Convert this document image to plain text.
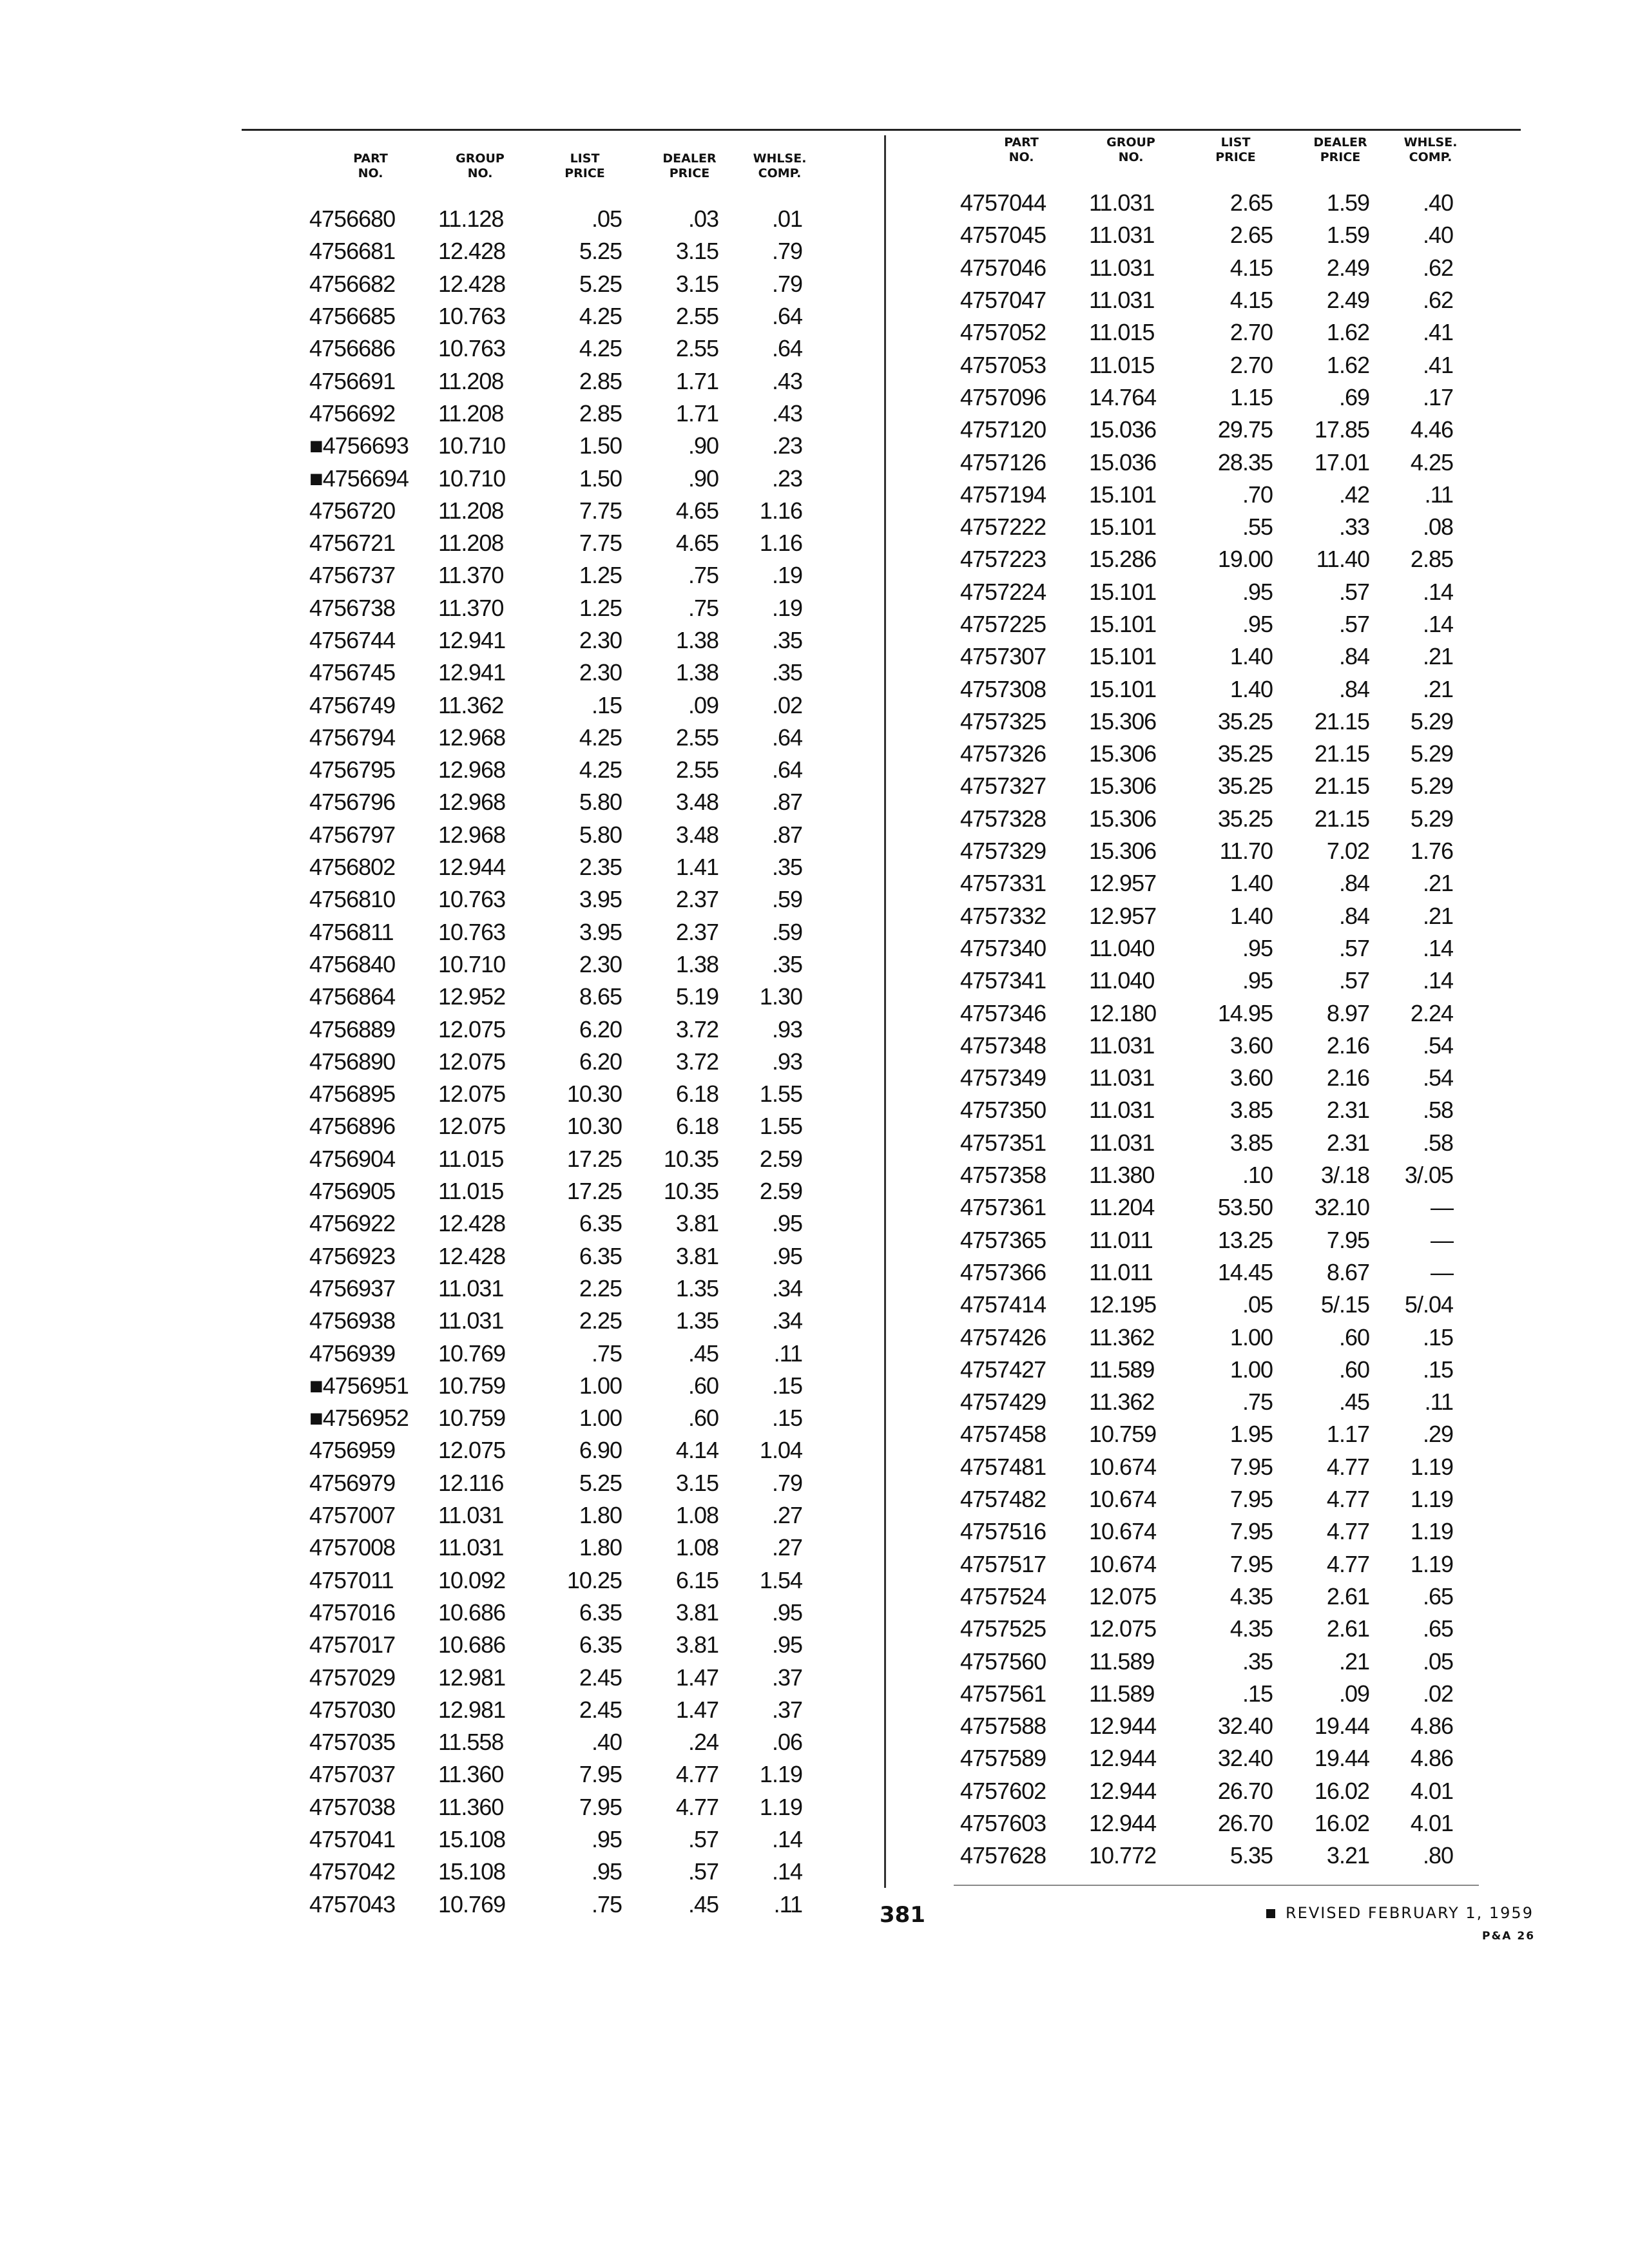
PART
NO.
GROUP
NO.
LIST
PRICE
DEALER
PRICE
WHLSE.
COMP.
4756680	11.128	.05	.03	.01
4756681	12.428	5.25	3.15	.79
4756682	12.428	5.25	3.15	.79
4756685	10.763	4.25	2.55	.64
4756686	10.763	4.25	2.55	.64
4756691	11.208	2.85	1.71	.43
4756692	11.208	2.85	1.71	.43
■4756693	10.710	1.50	.90	.23
■4756694	10.710	1.50	.90	.23
4756720	11.208	7.75	4.65	1.16
4756721	11.208	7.75	4.65	1.16
4756737	11.370	1.25	.75	.19
4756738	11.370	1.25	.75	.19
4756744	12.941	2.30	1.38	.35
4756745	12.941	2.30	1.38	.35
4756749	11.362	.15	.09	.02
4756794	12.968	4.25	2.55	.64
4756795	12.968	4.25	2.55	.64
4756796	12.968	5.80	3.48	.87
4756797	12.968	5.80	3.48	.87
4756802	12.944	2.35	1.41	.35
4756810	10.763	3.95	2.37	.59
4756811	10.763	3.95	2.37	.59
4756840	10.710	2.30	1.38	.35
4756864	12.952	8.65	5.19	1.30
4756889	12.075	6.20	3.72	.93
4756890	12.075	6.20	3.72	.93
4756895	12.075	10.30	6.18	1.55
4756896	12.075	10.30	6.18	1.55
4756904	11.015	17.25	10.35	2.59
4756905	11.015	17.25	10.35	2.59
4756922	12.428	6.35	3.81	.95
4756923	12.428	6.35	3.81	.95
4756937	11.031	2.25	1.35	.34
4756938	11.031	2.25	1.35	.34
4756939	10.769	.75	.45	.11
■4756951	10.759	1.00	.60	.15
■4756952	10.759	1.00	.60	.15
4756959	12.075	6.90	4.14	1.04
4756979	12.116	5.25	3.15	.79
4757007	11.031	1.80	1.08	.27
4757008	11.031	1.80	1.08	.27
4757011	10.092	10.25	6.15	1.54
4757016	10.686	6.35	3.81	.95
4757017	10.686	6.35	3.81	.95
4757029	12.981	2.45	1.47	.37
4757030	12.981	2.45	1.47	.37
4757035	11.558	.40	.24	.06
4757037	11.360	7.95	4.77	1.19
4757038	11.360	7.95	4.77	1.19
4757041	15.108	.95	.57	.14
4757042	15.108	.95	.57	.14
4757043	10.769	.75	.45	.11
PART
NO.
GROUP
NO.
LIST
PRICE
DEALER
PRICE
WHLSE.
COMP.
4757044	11.031	2.65	1.59	.40
4757045	11.031	2.65	1.59	.40
4757046	11.031	4.15	2.49	.62
4757047	11.031	4.15	2.49	.62
4757052	11.015	2.70	1.62	.41
4757053	11.015	2.70	1.62	.41
4757096	14.764	1.15	.69	.17
4757120	15.036	29.75	17.85	4.46
4757126	15.036	28.35	17.01	4.25
4757194	15.101	.70	.42	.11
4757222	15.101	.55	.33	.08
4757223	15.286	19.00	11.40	2.85
4757224	15.101	.95	.57	.14
4757225	15.101	.95	.57	.14
4757307	15.101	1.40	.84	.21
4757308	15.101	1.40	.84	.21
4757325	15.306	35.25	21.15	5.29
4757326	15.306	35.25	21.15	5.29
4757327	15.306	35.25	21.15	5.29
4757328	15.306	35.25	21.15	5.29
4757329	15.306	11.70	7.02	1.76
4757331	12.957	1.40	.84	.21
4757332	12.957	1.40	.84	.21
4757340	11.040	.95	.57	.14
4757341	11.040	.95	.57	.14
4757346	12.180	14.95	8.97	2.24
4757348	11.031	3.60	2.16	.54
4757349	11.031	3.60	2.16	.54
4757350	11.031	3.85	2.31	.58
4757351	11.031	3.85	2.31	.58
4757358	11.380	.10	3/.18	3/.05
4757361	11.204	53.50	32.10	—
4757365	11.011	13.25	7.95	—
4757366	11.011	14.45	8.67	—
4757414	12.195	.05	5/.15	5/.04
4757426	11.362	1.00	.60	.15
4757427	11.589	1.00	.60	.15
4757429	11.362	.75	.45	.11
4757458	10.759	1.95	1.17	.29
4757481	10.674	7.95	4.77	1.19
4757482	10.674	7.95	4.77	1.19
4757516	10.674	7.95	4.77	1.19
4757517	10.674	7.95	4.77	1.19
4757524	12.075	4.35	2.61	.65
4757525	12.075	4.35	2.61	.65
4757560	11.589	.35	.21	.05
4757561	11.589	.15	.09	.02
4757588	12.944	32.40	19.44	4.86
4757589	12.944	32.40	19.44	4.86
4757602	12.944	26.70	16.02	4.01
4757603	12.944	26.70	16.02	4.01
4757628	10.772	5.35	3.21	.80
381	REVISED FEBRUARY 1, 1959
P&A 26
